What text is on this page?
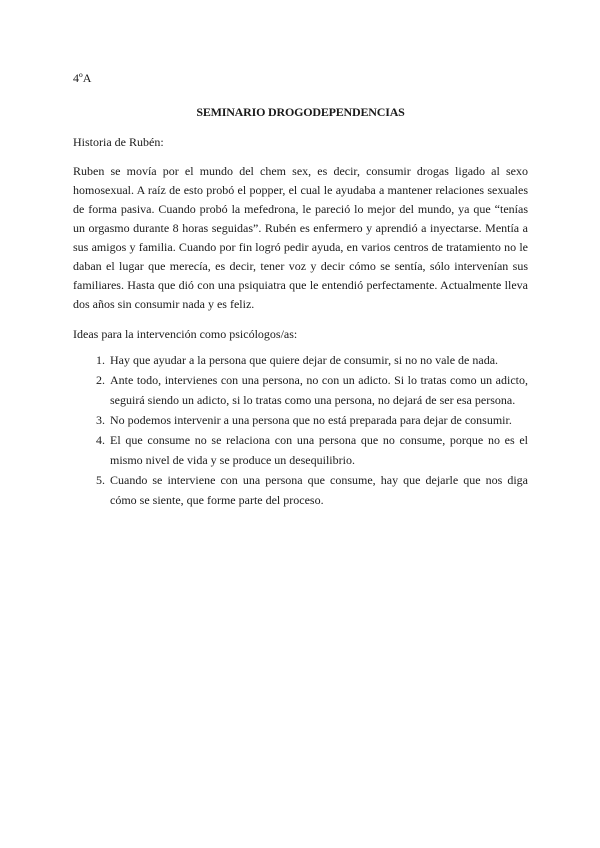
4ºA

SEMINARIO DROGODEPENDENCIAS

Historia de Rubén:

Ruben se movía por el mundo del chem sex, es decir, consumir drogas ligado al sexo homosexual. A raíz de esto probó el popper, el cual le ayudaba a mantener relaciones sexuales de forma pasiva. Cuando probó la mefedrona, le pareció lo mejor del mundo, ya que “tenías un orgasmo durante 8 horas seguidas”. Rubén es enfermero y aprendió a inyectarse. Mentía a sus amigos y familia. Cuando por fin logró pedir ayuda, en varios centros de tratamiento no le daban el lugar que merecía, es decir, tener voz y decir cómo se sentía, sólo intervenían sus familiares. Hasta que dió con una psiquiatra que le entendió perfectamente. Actualmente lleva dos años sin consumir nada y es feliz.

Ideas para la intervención como psicólogos/as:

1. Hay que ayudar a la persona que quiere dejar de consumir, si no no vale de nada.
2. Ante todo, intervienes con una persona, no con un adicto. Si lo tratas como un adicto, seguirá siendo un adicto, si lo tratas como una persona, no dejará de ser esa persona.
3. No podemos intervenir a una persona que no está preparada para dejar de consumir.
4. El que consume no se relaciona con una persona que no consume, porque no es el mismo nivel de vida y se produce un desequilibrio.
5. Cuando se interviene con una persona que consume, hay que dejarle que nos diga cómo se siente, que forme parte del proceso.
